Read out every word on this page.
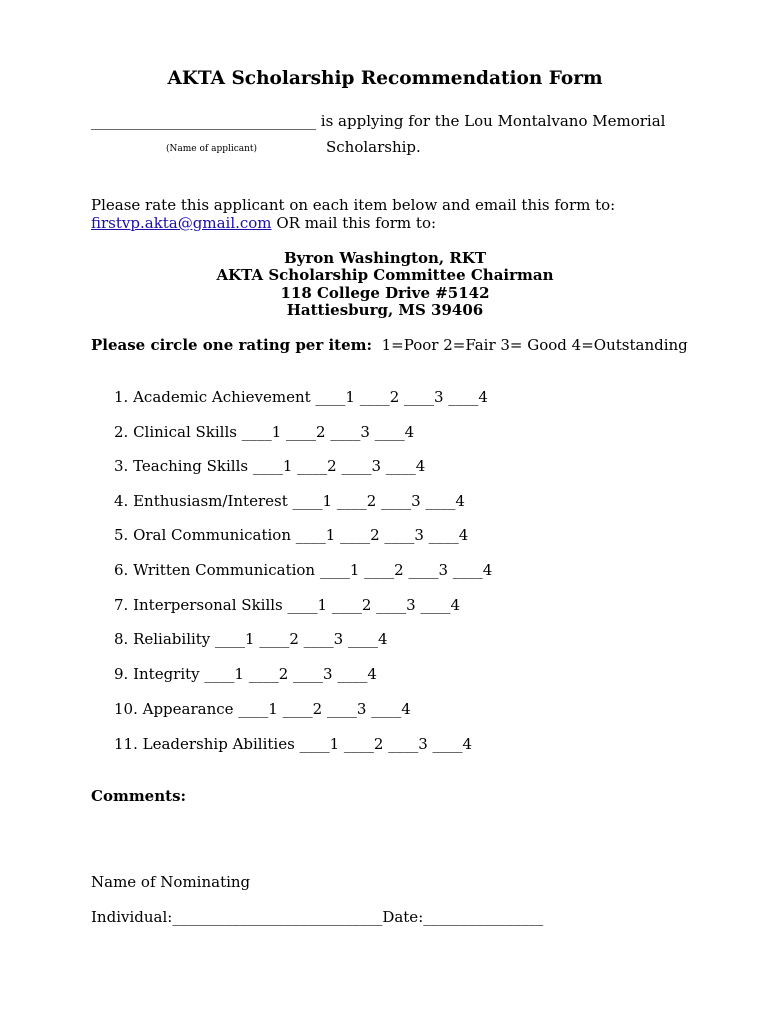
AKTA Scholarship Recommendation Form
______________________________ is applying for the Lou Montalvano Memorial
(Name of applicant)	Scholarship.
Please rate this applicant on each item below and email this form to:
firstvp.akta@gmail.com OR mail this form to:
Byron Washington, RKT
AKTA Scholarship Committee Chairman
118 College Drive #5142
Hattiesburg, MS 39406
Please circle one rating per item: 1=Poor 2=Fair 3= Good 4=Outstanding
1. Academic Achievement ____1 ____2 ____3 ____4
2. Clinical Skills ____1 ____2 ____3 ____4
3. Teaching Skills ____1 ____2 ____3 ____4
4. Enthusiasm/Interest ____1 ____2 ____3 ____4
5. Oral Communication ____1 ____2 ____3 ____4
6. Written Communication ____1 ____2 ____3 ____4
7. Interpersonal Skills ____1 ____2 ____3 ____4
8. Reliability ____1 ____2 ____3 ____4
9. Integrity ____1 ____2 ____3 ____4
10. Appearance ____1 ____2 ____3 ____4
11. Leadership Abilities ____1 ____2 ____3 ____4
Comments:
Name of Nominating
Individual:____________________________Date:________________
